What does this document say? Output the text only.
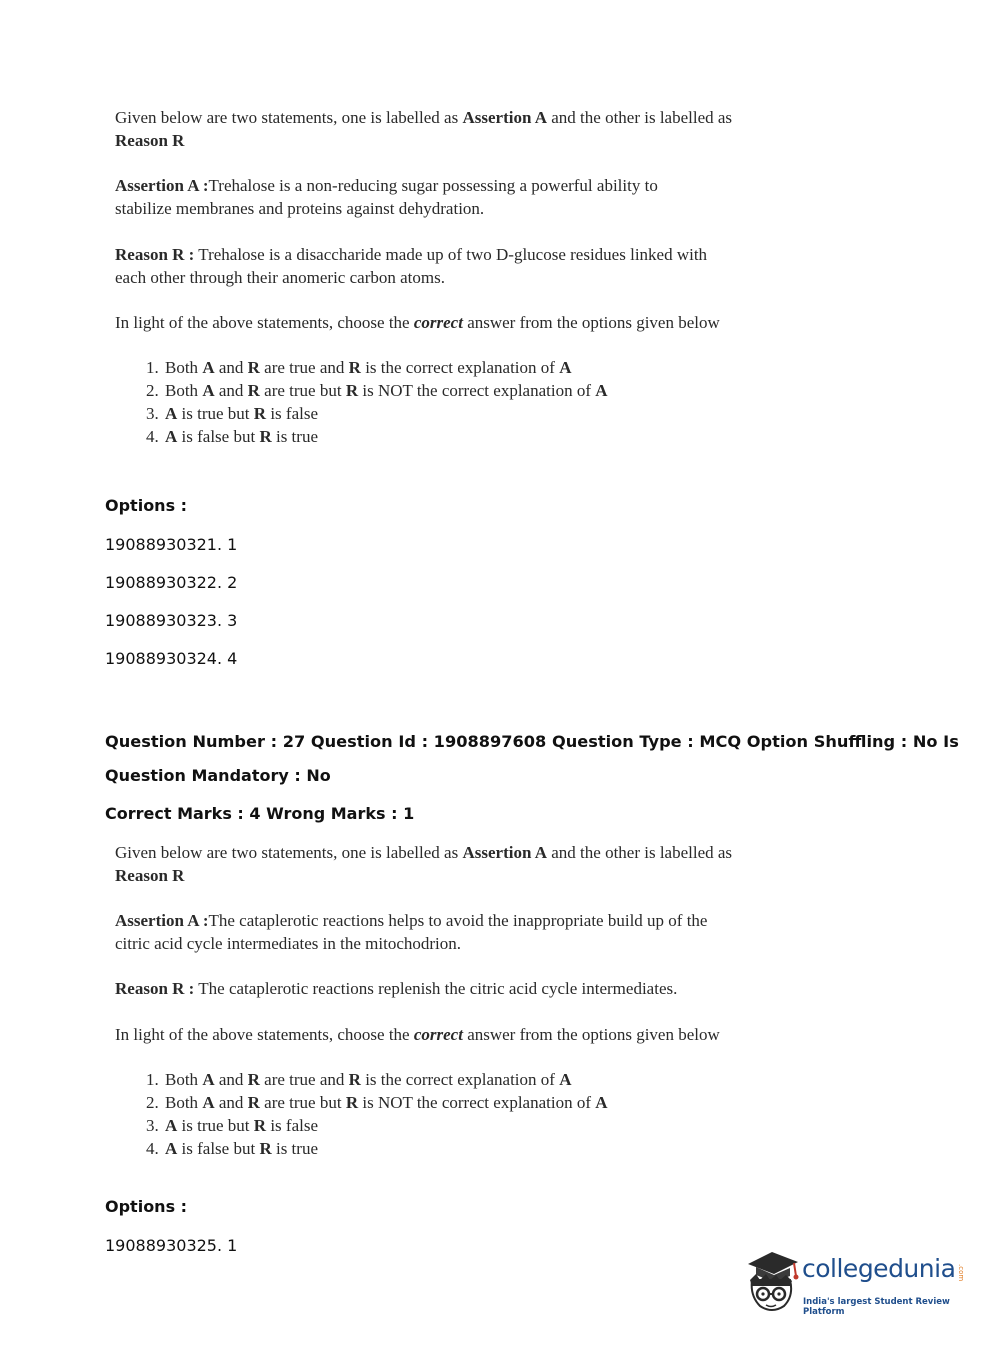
Given below are two statements, one is labelled as Assertion A and the other is labelled as
Reason R

Assertion A :Trehalose is a non-reducing sugar possessing a powerful ability to stabilize membranes and proteins against dehydration.

Reason R : Trehalose is a disaccharide made up of two D-glucose residues linked with each other through their anomeric carbon atoms.

In light of the above statements, choose the correct answer from the options given below

1. Both A and R are true and R is the correct explanation of A
2. Both A and R are true but R is NOT the correct explanation of A
3. A is true but R is false
4. A is false but R is true
Options :
19088930321. 1
19088930322. 2
19088930323. 3
19088930324. 4
Question Number : 27 Question Id : 1908897608 Question Type : MCQ Option Shuffling : No Is
Question Mandatory : No
Correct Marks : 4 Wrong Marks : 1

Given below are two statements, one is labelled as Assertion A and the other is labelled as
Reason R

Assertion A :The cataplerotic reactions helps to avoid the inappropriate build up of the citric acid cycle intermediates in the mitochodrion.

Reason R : The cataplerotic reactions replenish the citric acid cycle intermediates.

In light of the above statements, choose the correct answer from the options given below

1. Both A and R are true and R is the correct explanation of A
2. Both A and R are true but R is NOT the correct explanation of A
3. A is true but R is false
4. A is false but R is true
Options :
19088930325. 1
collegedunia .com
India's largest Student Review Platform
